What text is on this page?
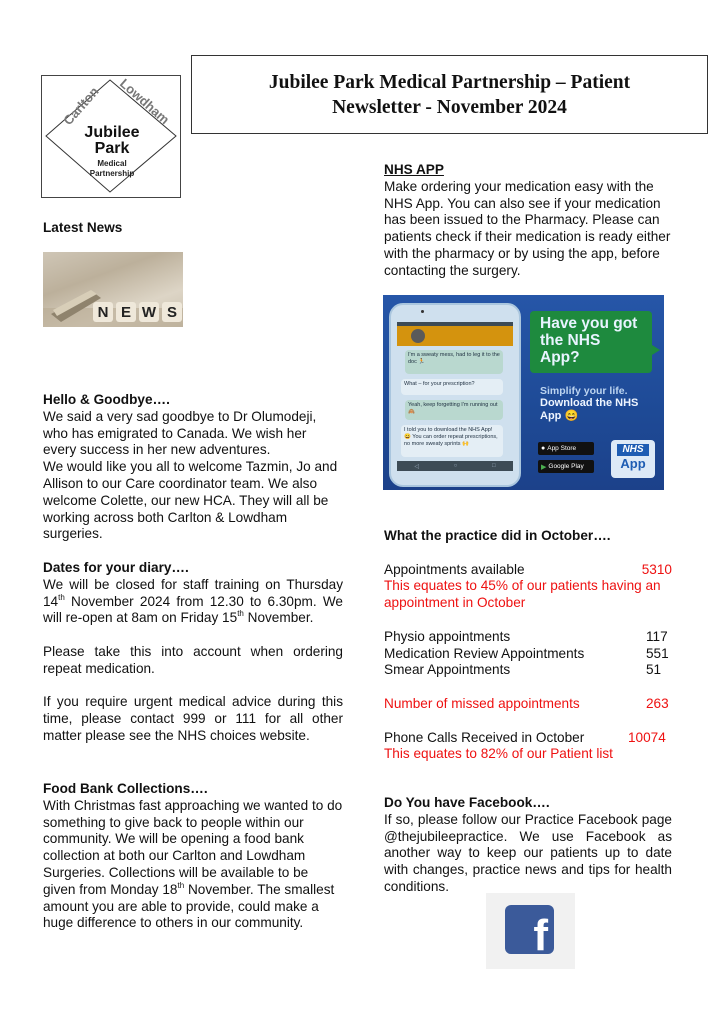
Carlton Lowdham
Jubilee
Park
Medical
Partnership
Jubilee Park Medical Partnership – Patient
Newsletter - November 2024
Latest News
N E W S
Hello & Goodbye….
We said a very sad goodbye to Dr Olumodeji, who has emigrated to Canada. We wish her every success in her new adventures.
We would like you all to welcome Tazmin, Jo and Allison to our Care coordinator team. We also welcome Colette, our new HCA. They will all be working across both Carlton & Lowdham surgeries.
Dates for your diary….
We will be closed for staff training on Thursday 14th November 2024 from 12.30 to 6.30pm. We will re-open at 8am on Friday 15th November.
Please take this into account when ordering repeat medication.
If you require urgent medical advice during this time, please contact 999 or 111 for all other matter please see the NHS choices website.
Food Bank Collections….
With Christmas fast approaching we wanted to do something to give back to people within our community. We will be opening a food bank collection at both our Carlton and Lowdham Surgeries. Collections will be available to be given from Monday 18th November. The smallest amount you are able to provide, could make a huge difference to others in our community.
NHS APP
Make ordering your medication easy with the NHS App. You can also see if your medication has been issued to the Pharmacy. Please can patients check if their medication is ready either with the pharmacy or by using the app, before contacting the surgery.
I'm a sweaty mess, had to leg it to the doc 🏃
What – for your prescription?
Yeah, keep forgetting I'm running out 🙈
I told you to download the NHS App! 😄 You can order repeat prescriptions, no more sweaty sprints 🙌
◁	○	□
Have you got the NHS App?
Simplify your life.
Download the NHS App 😄
● App Store
▶ Google Play
NHS
App
What the practice did in October….
Appointments available	5310
This equates to 45% of our patients having an appointment in October
Physio appointments	117
Medication Review Appointments	551
Smear Appointments	51
Number of missed appointments	263
Phone Calls Received in October	10074
This equates to 82% of our Patient list
Do You have Facebook….
If so, please follow our Practice Facebook page @thejubileepractice. We use Facebook as another way to keep our patients up to date with changes, practice news and tips for health conditions.
f
